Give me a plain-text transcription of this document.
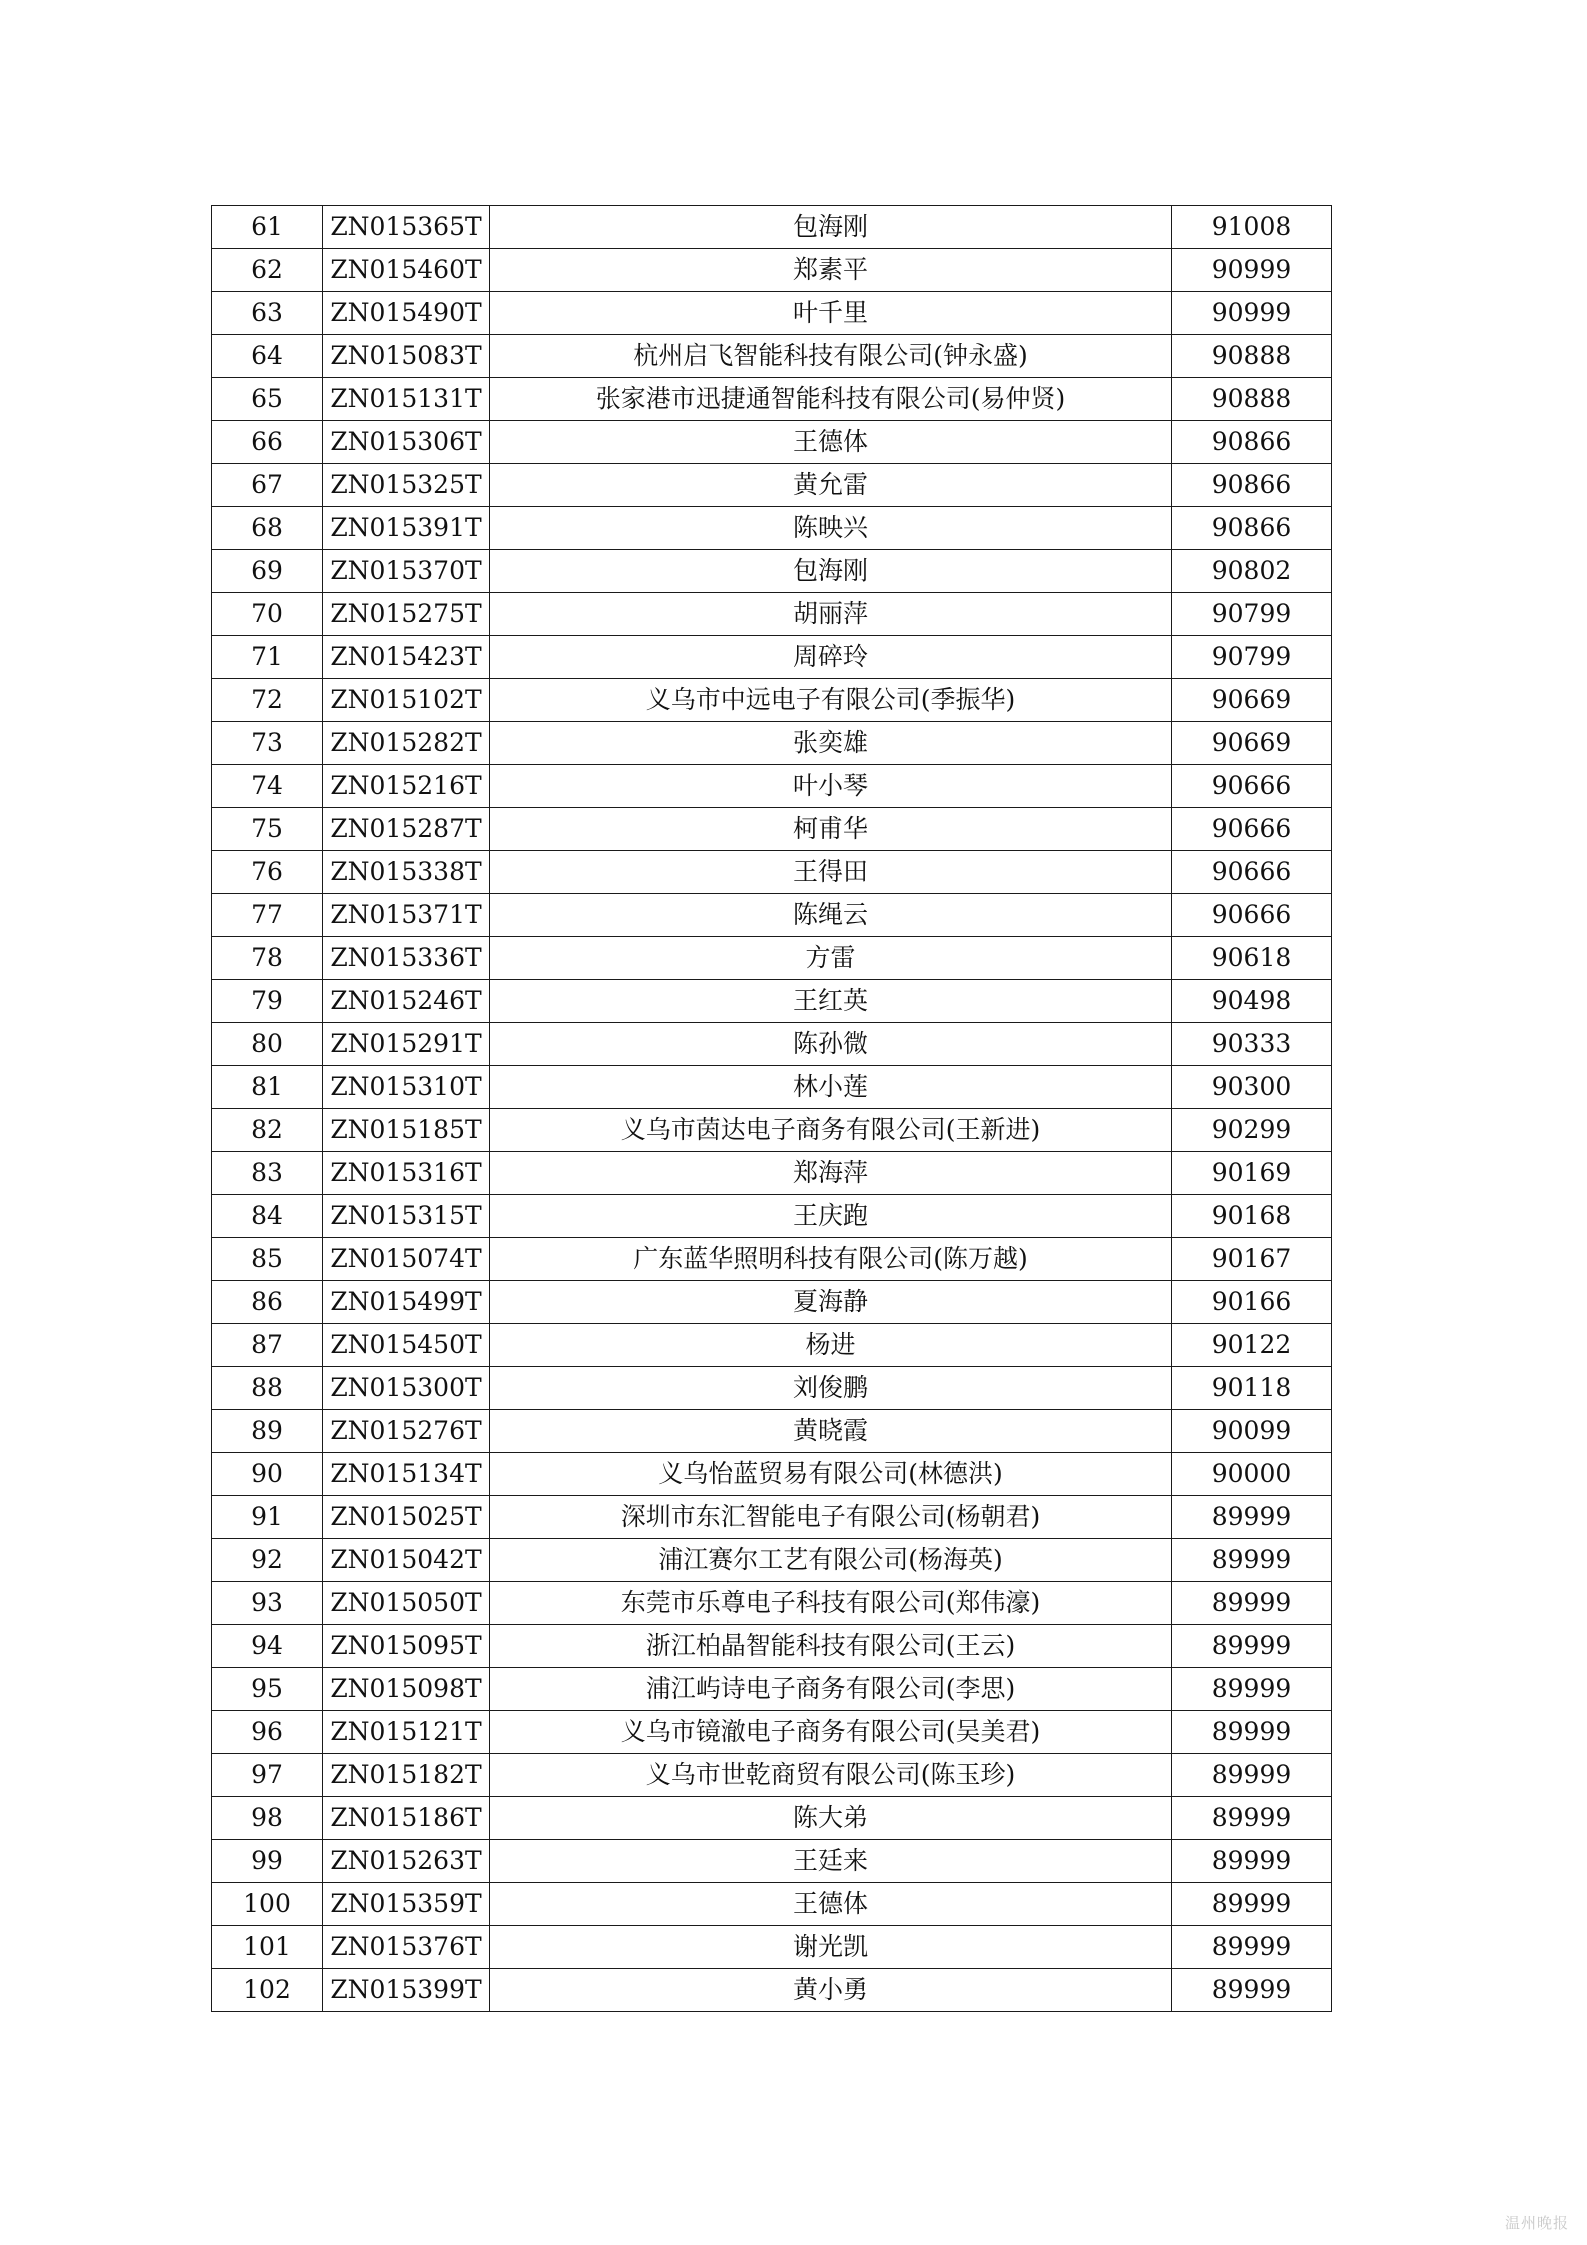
61	ZN015365T	包海刚	91008
62	ZN015460T	郑素平	90999
63	ZN015490T	叶千里	90999
64	ZN015083T	杭州启飞智能科技有限公司(钟永盛)	90888
65	ZN015131T	张家港市迅捷通智能科技有限公司(易仲贤)	90888
66	ZN015306T	王德体	90866
67	ZN015325T	黄允雷	90866
68	ZN015391T	陈映兴	90866
69	ZN015370T	包海刚	90802
70	ZN015275T	胡丽萍	90799
71	ZN015423T	周碎玲	90799
72	ZN015102T	义乌市中远电子有限公司(季振华)	90669
73	ZN015282T	张奕雄	90669
74	ZN015216T	叶小琴	90666
75	ZN015287T	柯甫华	90666
76	ZN015338T	王得田	90666
77	ZN015371T	陈绳云	90666
78	ZN015336T	方雷	90618
79	ZN015246T	王红英	90498
80	ZN015291T	陈孙微	90333
81	ZN015310T	林小莲	90300
82	ZN015185T	义乌市茵达电子商务有限公司(王新进)	90299
83	ZN015316T	郑海萍	90169
84	ZN015315T	王庆跑	90168
85	ZN015074T	广东蓝华照明科技有限公司(陈万越)	90167
86	ZN015499T	夏海静	90166
87	ZN015450T	杨进	90122
88	ZN015300T	刘俊鹏	90118
89	ZN015276T	黄晓霞	90099
90	ZN015134T	义乌怡蓝贸易有限公司(林德洪)	90000
91	ZN015025T	深圳市东汇智能电子有限公司(杨朝君)	89999
92	ZN015042T	浦江赛尔工艺有限公司(杨海英)	89999
93	ZN015050T	东莞市乐尊电子科技有限公司(郑伟濠)	89999
94	ZN015095T	浙江柏晶智能科技有限公司(王云)	89999
95	ZN015098T	浦江屿诗电子商务有限公司(李思)	89999
96	ZN015121T	义乌市镜澈电子商务有限公司(吴美君)	89999
97	ZN015182T	义乌市世乾商贸有限公司(陈玉珍)	89999
98	ZN015186T	陈大弟	89999
99	ZN015263T	王廷来	89999
100	ZN015359T	王德体	89999
101	ZN015376T	谢光凯	89999
102	ZN015399T	黄小勇	89999
温州晚报
